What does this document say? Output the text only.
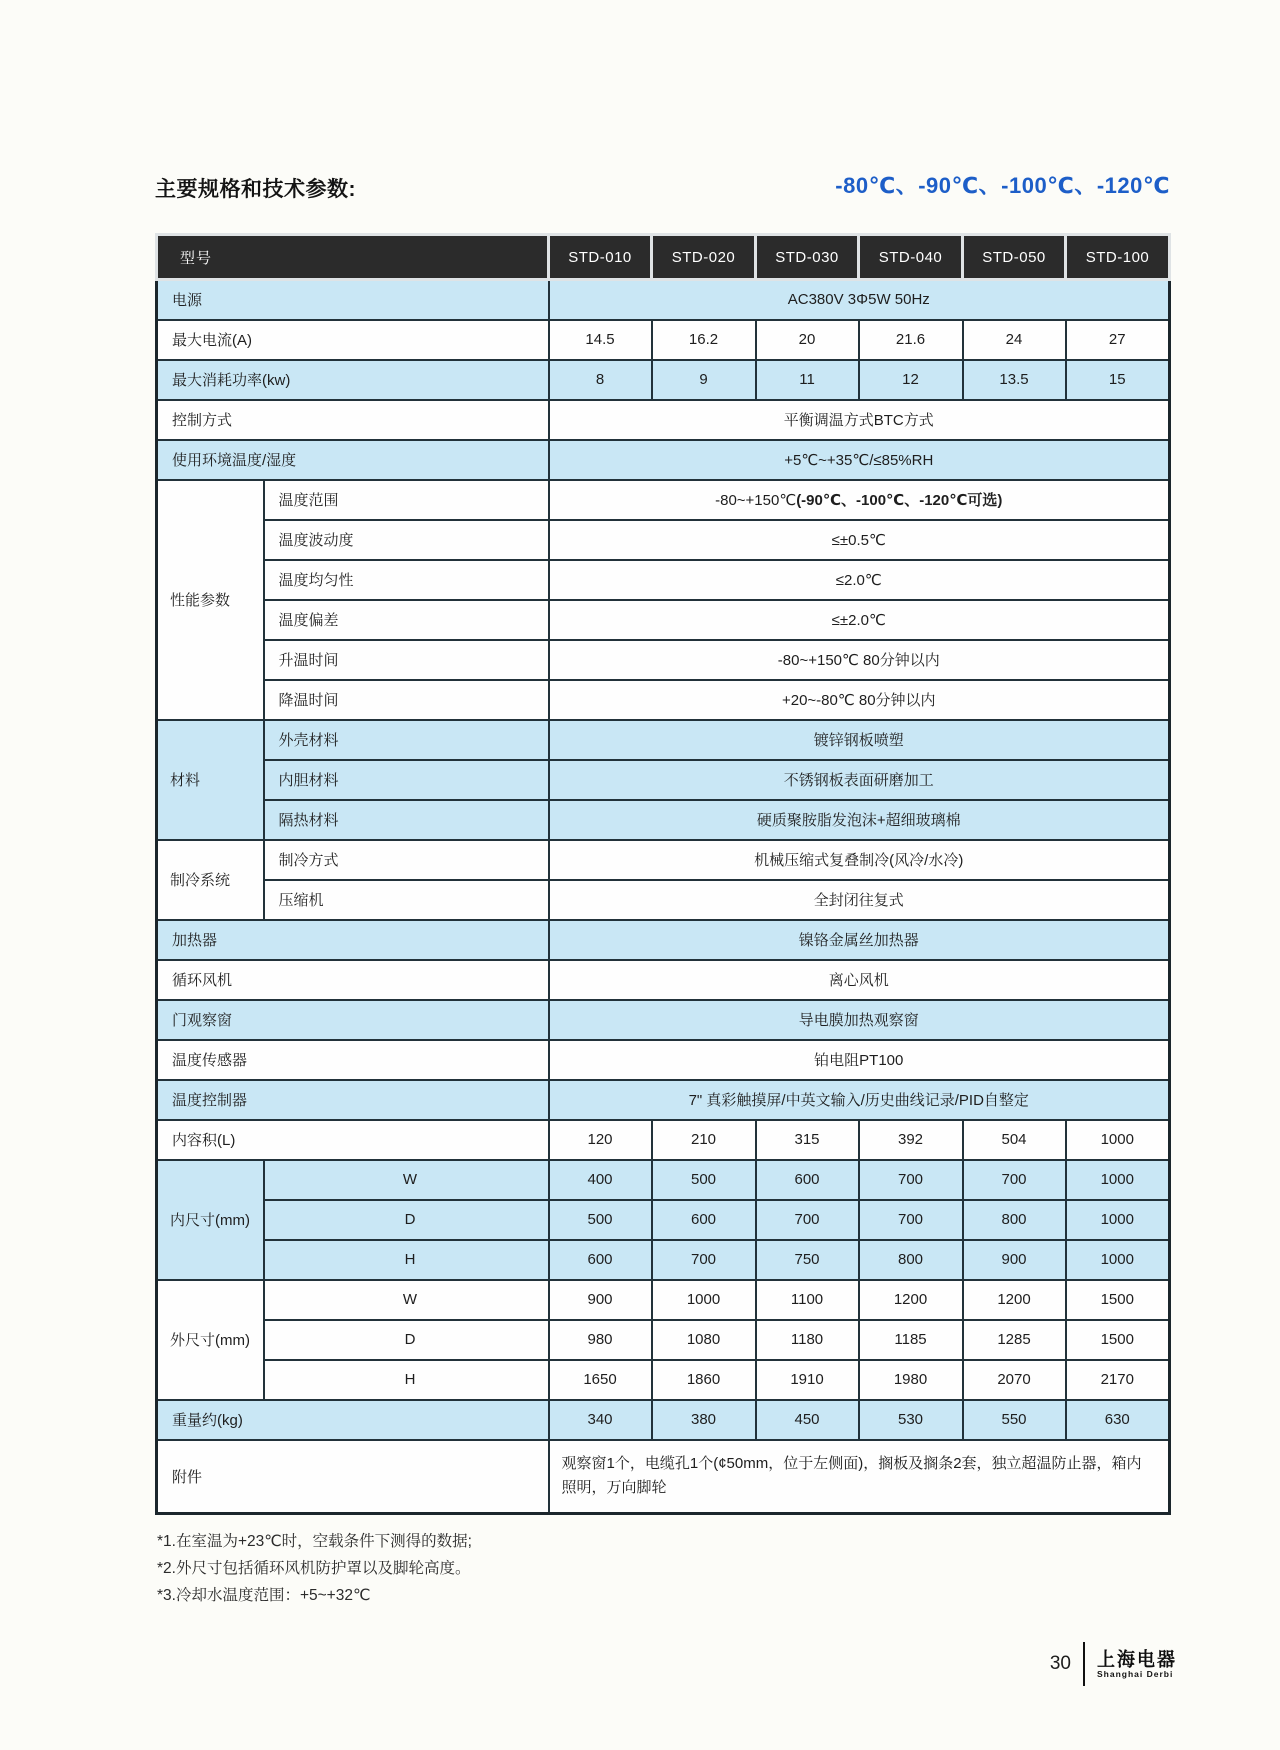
主要规格和技术参数:	-80℃、-90℃、-100℃、-120℃
型号		STD-010	STD-020	STD-030	STD-040	STD-050	STD-100
电源		AC380V 3Φ5W 50Hz					
最大电流(A)		14.5	16.2	20	21.6	24	27
最大消耗功率(kw)		8	9	11	12	13.5	15
控制方式		平衡调温方式BTC方式					
使用环境温度/湿度		+5℃~+35℃/≤85%RH					
性能参数	温度范围	-80~+150℃(-90℃、-100℃、-120℃可选)					
	温度波动度	≤±0.5℃					
	温度均匀性	≤2.0℃					
	温度偏差	≤±2.0℃					
	升温时间	-80~+150℃ 80分钟以内					
	降温时间	+20~-80℃ 80分钟以内					
材料	外壳材料	镀锌钢板喷塑					
	内胆材料	不锈钢板表面研磨加工					
	隔热材料	硬质聚胺脂发泡沫+超细玻璃棉					
制冷系统	制冷方式	机械压缩式复叠制冷(风冷/水冷)					
	压缩机	全封闭往复式					
加热器		镍铬金属丝加热器					
循环风机		离心风机					
门观察窗		导电膜加热观察窗					
温度传感器		铂电阻PT100					
温度控制器		7" 真彩触摸屏/中英文输入/历史曲线记录/PID自整定					
内容积(L)		120	210	315	392	504	1000
内尺寸(mm)	W	400	500	600	700	700	1000
	D	500	600	700	700	800	1000
	H	600	700	750	800	900	1000
外尺寸(mm)	W	900	1000	1100	1200	1200	1500
	D	980	1080	1180	1185	1285	1500
	H	1650	1860	1910	1980	2070	2170
重量约(kg)		340	380	450	530	550	630
附件		观察窗1个，电缆孔1个(¢50mm，位于左侧面)，搁板及搁条2套，独立超温防止器，箱内照明，万向脚轮					
*1.在室温为+23℃时，空载条件下测得的数据;
*2.外尺寸包括循环风机防护罩以及脚轮高度。
*3.冷却水温度范围：+5~+32℃
30 上海电器
Shanghai Derbi
